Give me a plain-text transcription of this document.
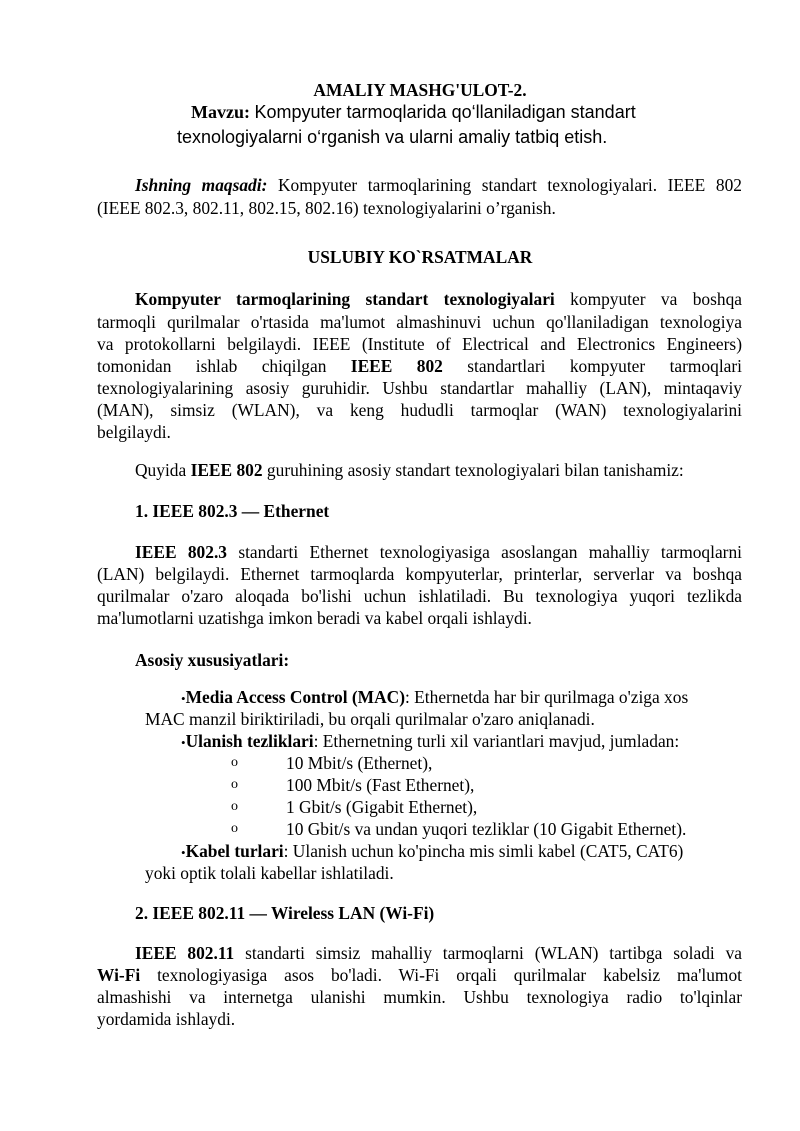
AMALIY MASHG'ULOT-2.
Mavzu: Kompyuter tarmoqlarida qo‘llaniladigan standart
texnologiyalarni o‘rganish va ularni amaliy tatbiq etish.
Ishning maqsadi: Kompyuter tarmoqlarining standart texnologiyalari. IEEE 802
(IEEE 802.3, 802.11, 802.15, 802.16) texnologiyalarini o’rganish.
USLUBIY KO`RSATMALAR
Kompyuter tarmoqlarining standart texnologiyalari kompyuter va boshqa
tarmoqli qurilmalar o'rtasida ma'lumot almashinuvi uchun qo'llaniladigan texnologiya
va protokollarni belgilaydi. IEEE (Institute of Electrical and Electronics Engineers)
tomonidan ishlab chiqilgan IEEE 802 standartlari kompyuter tarmoqlari
texnologiyalarining asosiy guruhidir. Ushbu standartlar mahalliy (LAN), mintaqaviy
(MAN), simsiz (WLAN), va keng hududli tarmoqlar (WAN) texnologiyalarini
belgilaydi.
Quyida IEEE 802 guruhining asosiy standart texnologiyalari bilan tanishamiz:
1. IEEE 802.3 — Ethernet
IEEE 802.3 standarti Ethernet texnologiyasiga asoslangan mahalliy tarmoqlarni
(LAN) belgilaydi. Ethernet tarmoqlarda kompyuterlar, printerlar, serverlar va boshqa
qurilmalar o'zaro aloqada bo'lishi uchun ishlatiladi. Bu texnologiya yuqori tezlikda
ma'lumotlarni uzatishga imkon beradi va kabel orqali ishlaydi.
Asosiy xususiyatlari:
•Media Access Control (MAC): Ethernetda har bir qurilmaga o'ziga xos
MAC manzil biriktiriladi, bu orqali qurilmalar o'zaro aniqlanadi.
•Ulanish tezliklari: Ethernetning turli xil variantlari mavjud, jumladan:
o	10 Mbit/s (Ethernet),
o	100 Mbit/s (Fast Ethernet),
o	1 Gbit/s (Gigabit Ethernet),
o	10 Gbit/s va undan yuqori tezliklar (10 Gigabit Ethernet).
•Kabel turlari: Ulanish uchun ko'pincha mis simli kabel (CAT5, CAT6)
yoki optik tolali kabellar ishlatiladi.
2. IEEE 802.11 — Wireless LAN (Wi-Fi)
IEEE 802.11 standarti simsiz mahalliy tarmoqlarni (WLAN) tartibga soladi va
Wi-Fi texnologiyasiga asos bo'ladi. Wi-Fi orqali qurilmalar kabelsiz ma'lumot
almashishi va internetga ulanishi mumkin. Ushbu texnologiya radio to'lqinlar
yordamida ishlaydi.
